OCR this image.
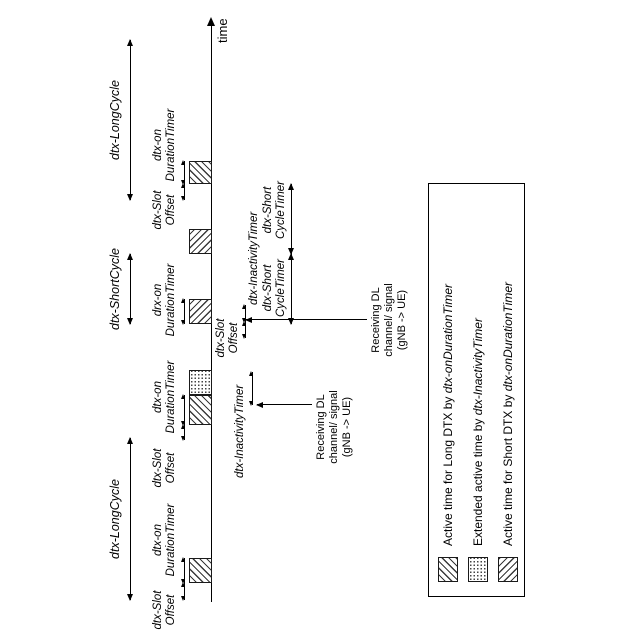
time
dtx-LongCycle
dtx-ShortCycle
dtx-LongCycle
dtx-Slot Offset
dtx-on DurationTimer
dtx-Slot Offset
dtx-on DurationTimer
drx-on DurationTimer
dtx-Slot Offset
dtx-on DurationTimer
dtx-Slot Offset
dtx-InactivityTimer
dtx-InactivityTimer dtx-Short CycleTimer
dtx-Short CycleTimer
Receiving DL channel/ signal (gNB -> UE)
Receiving DL channel/ signal (gNB -> UE)
Active time for Long DTX by dtx-onDurationTimer
Extended active time by dtx-InactivityTimer
Active time for Short DTX by dtx-onDurationTimer
